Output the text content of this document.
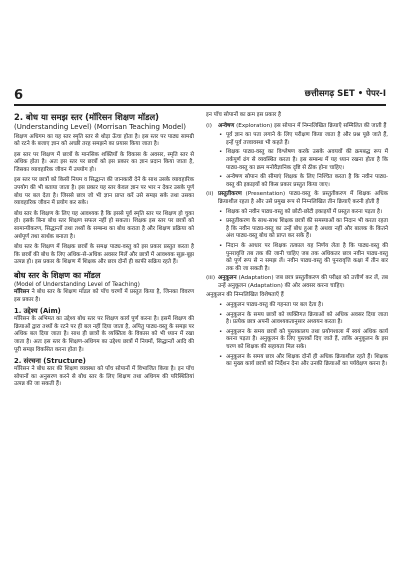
6	छत्तीसगढ़ SET • पेपर-I
2. बोध या समझ स्तर (मॉरिसन शिक्षण मॉडल)
(Understanding Level) (Morrisan Teaching Model)

शिक्षण अधिगम का यह स्तर स्मृति स्तर से थोड़ा ऊँचा होता है। इस स्तर पर पाठ्य सामग्री को रटने के बजाए ज्ञान को अच्छी तरह समझने का प्रयास किया जाता है।

इस स्तर पर शिक्षण में छात्रों के मानसिक शक्तियों के विकास के अवसर, स्मृति स्तर से अधिक होता है। अतः इस स्तर पर छात्रों को इस प्रकार का ज्ञान प्रदान किया जाता है, जिसका व्यावहारिक जीवन में उपयोग हो।

इस स्तर पर छात्रों को किसी नियम व सिद्धान्त की जानकारी देने के साथ उसके व्यावहारिक उपयोग की भी बताया जाता है। इस प्रकार यह स्तर केवल ज्ञान पर भार न देकर उसके पूर्ण बोध पर बल देता है। जिससे छात्र जो भी ज्ञान प्राप्त करें उसे समझ सके तथा उसका व्यावहारिक जीवन में प्रयोग कर सके।

बोध स्तर के शिक्षण के लिए यह आवश्यक है कि इससे पूर्व स्मृति स्तर पर शिक्षण हो चुका हो। इसके बिना बोध स्तर शिक्षण सफल नहीं हो सकता। शिक्षक इस स्तर पर छात्रों को सामान्यीकरण, सिद्धान्तों तथा तथ्यों के सम्बन्ध का बोध कराता है और शिक्षण प्रक्रिया को अर्थपूर्ण तथा सार्थक बनाता है।

बोध स्तर के शिक्षण में शिक्षक छात्रों के समक्ष पाठ्य-वस्तु को इस प्रकार प्रस्तुत करता है कि छात्रों की बोध के लिए अधिक-से-अधिक अवसर मिलें और छात्रों में आवश्यक सूझ-बूझ उत्पन्न हो। इस प्रकार के शिक्षण में शिक्षक और छात्र दोनों ही काफी सक्रिय रहते हैं।

बोध स्तर के शिक्षण का मॉडल
(Model of Understanding Level of Teaching)

मॉरिसन ने बोध स्तर के शिक्षण मॉडल को पाँच चरणों में प्रस्तुत किया है, जिनका विवरण इस प्रकार है।

1. उद्देश्य (Aim)

मॉरिसन के अभिमत का उद्देश्य बोध स्तर पर शिक्षण कार्य पूर्ण करना है। इसमें शिक्षण की क्रियाओं द्वारा तथ्यों के रटने पर ही बल नहीं दिया जाता है, अपितु पाठ्य-वस्तु के समझ पर अधिक बल दिया जाता है। साथ ही छात्रों के व्यक्तित्व के विकास को भी ध्यान में रखा जाता है। अतः इस स्तर के शिक्षण-अधिगम का उद्देश्य छात्रों में नियमों, सिद्धान्तों आदि की पूरी समझ विकसित करना होता है।

2. संरचना (Structure)

मॉरिसन ने बोध स्तर की शिक्षण व्यवस्था को पाँच सोपानों में विभाजित किया है। इन पाँच सोपानों का अनुसरण करने से बोध स्तर के लिए शिक्षण तथा अधिगम की परिस्थितियां उत्पन्न की जा सकती हैं।

इन पाँच सोपानों का क्रम इस प्रकार है

(i) अन्वेषण (Exploration) इस सोपान में निम्नलिखित क्रियाएँ सम्मिलित की जाती हैं
• पूर्व ज्ञान का पता लगाने के लिए परीक्षण किया जाता है और प्रश्न पूछे जाते हैं, इन्हें पूर्व तत्त्वावस्था भी कहते हैं।
• शिक्षक पाठ्य-वस्तु का विश्लेषण करके उसके अवयवों की क्रमबद्ध रूप में तर्कपूर्ण ढंग से व्यवस्थित करता है। इस सम्बन्ध में यह ध्यान रखना होता है कि पाठ्य-वस्तु का क्रम मनोवैज्ञानिक दृष्टि से ठीक होना चाहिए।
• अन्वेषण सोपान की सीमाएं शिक्षक के लिए निश्चित करता है कि नवीन पाठ्य-वस्तु की इकाइयों को किस प्रकार प्रस्तुत किया जाए।
(ii) प्रस्तुतीकरण (Presentation) पाठ्य-वस्तु के प्रस्तुतीकरण में शिक्षक अधिक क्रियाशील रहता है और उसे प्रमुख रूप से निम्नलिखित तीन क्रियाएँ करनी होती हैं
• शिक्षक को नवीन पाठ्य-वस्तु को छोटी-छोटी इकाइयों में प्रस्तुत करना पड़ता है।
• प्रस्तुतीकरण के साथ-साथ शिक्षक छात्रों की समस्याओं का निदान भी करता रहता है कि नवीन पाठ्य-वस्तु का उन्हें बोध हुआ है अथवा नहीं और बालक के कितने अंश पाठ्य-वस्तु बोध को प्राप्त कर सके हैं।
• निदान के आधार पर शिक्षक तत्काल यह निर्णय लेता है कि पाठ्य-वस्तु की पुनरावृत्ति तब तक की जानी चाहिए जब तक अधिकतर छात्र नवीन पाठ्य-वस्तु को पूर्ण रूप से न समझ लें। नवीन पाठ्य-वस्तु की पुनरावृत्ति कक्षा में तीन बार तक की जा सकती है।
(iii) अनुकूलन (Adaptation) जब छात्र प्रस्तुतीकरण की परीक्षा को उत्तीर्ण कर लें, तब उन्हें अनुकूलन (Adaptation) की ओर अवसर करना चाहिए।
अनुकूलन की निम्नलिखित विशेषताएँ हैं
• अनुकूलन पाठ्य-वस्तु की गहनता पर बल देता है।
• अनुकूलन के समय छात्रों को व्यक्तिगत क्रियाओं को अधिक अवसर दिया जाता है। प्रत्येक छात्र अपनी आवश्यकतानुसार अध्ययन करता है।
• अनुकूलन के समय छात्रों को पुस्तकालय तथा प्रयोगशाला में स्वयं अधिक कार्य करना पड़ता है। अनुकूलन के लिए पुस्तकों दिए जाते हैं, ताकि अनुकूलन के इस चरण को शिक्षक की सहायता मिल सके।
• अनुकूलन के समय छात्र और शिक्षक दोनों ही अधिक क्रियाशील रहते हैं। शिक्षक का मुख्य कार्य छात्रों को निर्देशन देना और उनकी क्रियाओं का पर्यवेक्षण करना है।
